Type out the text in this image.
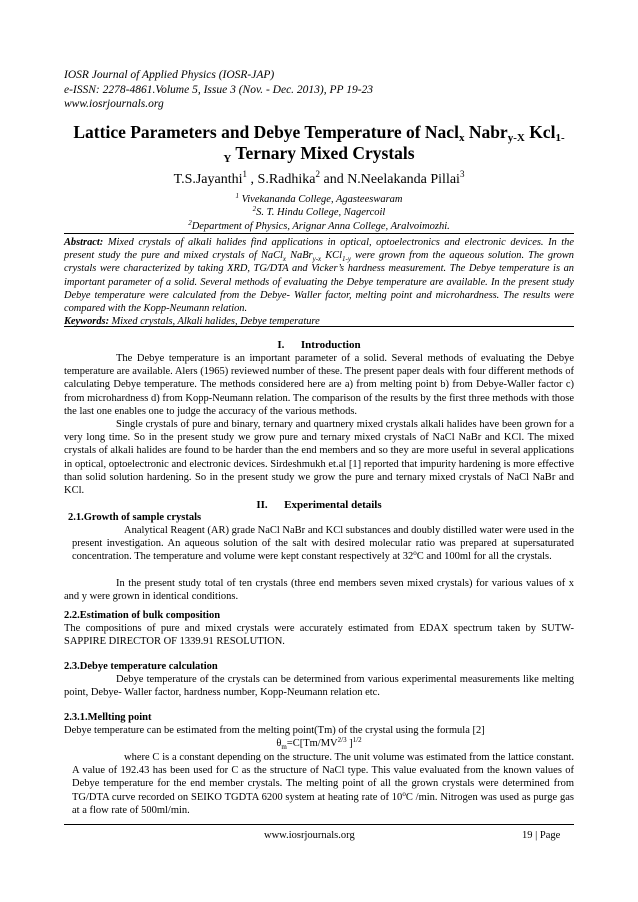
IOSR Journal of Applied Physics (IOSR-JAP)
e-ISSN: 2278-4861.Volume 5, Issue 3 (Nov. - Dec. 2013), PP 19-23
www.iosrjournals.org
Lattice Parameters and Debye Temperature of Nacl$_x$ Nabr$_{y-X}$ Kcl$_{1-}$
$_Y$ Ternary Mixed Crystals
T.S.Jayanthi$^1$ , S.Radhika$^2$ and N.Neelakanda Pillai$^3$
$^1$ Vivekananda College, Agasteeswaram
$^2$S. T. Hindu College, Nagercoil
$^2$Department of Physics, Arignar Anna College, Aralvoimozhi.
Abstract: Mixed crystals of alkali halides find applications in optical, optoelectronics and electronic devices. In the present study the pure and mixed crystals of NaCl$_x$ NaBr$_{y-x}$ KCl$_{1-y}$ were grown from the aqueous solution. The grown crystals were characterized by taking XRD, TG/DTA and Vicker’s hardness measurement. The Debye temperature is an important parameter of a solid. Several methods of evaluating the Debye temperature are available. In the present study Debye temperature were calculated from the Debye- Waller factor, melting point and microhardness. The results were compared with the Kopp-Neumann relation.
Keywords: Mixed crystals, Alkali halides, Debye temperature
I. Introduction
The Debye temperature is an important parameter of a solid. Several methods of evaluating the Debye temperature are available. Alers (1965) reviewed number of these. The present paper deals with four different methods of calculating Debye temperature. The methods considered here are a) from melting point b) from Debye-Waller factor c) from microhardness d) from Kopp-Neumann relation. The comparison of the results by the first three methods with those the last one enables one to judge the accuracy of the various methods.
Single crystals of pure and binary, ternary and quartnery mixed crystals alkali halides have been grown for a very long time. So in the present study we grow pure and ternary mixed crystals of NaCl NaBr and KCl. The mixed crystals of alkali halides are found to be harder than the end members and so they are more useful in several applications in optical, optoelectronic and electronic devices. Sirdeshmukh et.al [1] reported that impurity hardening is more effective than solid solution hardening. So in the present study we grow the pure and ternary mixed crystals of NaCl NaBr and KCl.
II. Experimental details
2.1.Growth of sample crystals
Analytical Reagent (AR) grade NaCl NaBr and KCl substances and doubly distilled water were used in the present investigation. An aqueous solution of the salt with desired molecular ratio was prepared at supersaturated concentration. The temperature and volume were kept constant respectively at 32$^o$C and 100ml for all the crystals.
In the present study total of ten crystals (three end members seven mixed crystals) for various values of x and y were grown in identical conditions.
2.2.Estimation of bulk composition
The compositions of pure and mixed crystals were accurately estimated from EDAX spectrum taken by SUTW-SAPPIRE DIRECTOR OF 1339.91 RESOLUTION.
2.3.Debye temperature calculation
Debye temperature of the crystals can be determined from various experimental measurements like melting point, Debye- Waller factor, hardness number, Kopp-Neumann relation etc.
2.3.1.Mellting point
Debye temperature can be estimated from the melting point(Tm) of the crystal using the formula [2]
$\theta_m=C[Tm/MV^{2/3}$ ]$^{1/2}$
where C is a constant depending on the structure. The unit volume was estimated from the lattice constant. A value of 192.43 has been used for C as the structure of NaCl type. This value evaluated from the known values of Debye temperature for the end member crystals. The melting point of all the grown crystals were determined from TG/DTA curve recorded on SEIKO TGDTA 6200 system at heating rate of 10$^o$C /min. Nitrogen was used as purge gas at a flow rate of 500ml/min.
www.iosrjournals.org	19 | Page
